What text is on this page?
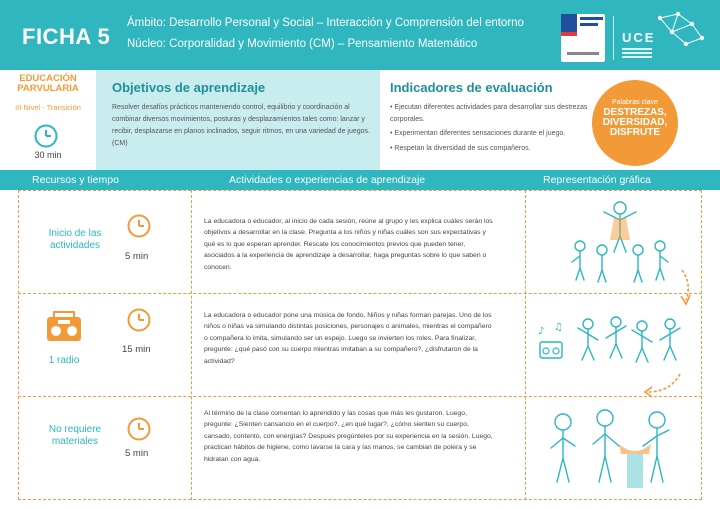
FICHA 5
Ámbito: Desarrollo Personal y Social – Interacción y Comprensión del entorno
Núcleo: Corporalidad y Movimiento (CM) – Pensamiento Matemático	UCE
EDUCACIÓN
PARVULARIA
III Nivel - Transición
30 min
Objetivos de aprendizaje
Resolver desafíos prácticos manteniendo control, equilibrio y coordinación al combinar diversos movimientos, posturas y desplazamientos tales como: lanzar y recibir, desplazarse en planos inclinados, seguir ritmos, en una variedad de juegos. (CM)
Indicadores de evaluación
• Ejecutan diferentes actividades para desarrollar sus destrezas corporales.
• Experimentan diferentes sensaciones durante el juego.
• Respetan la diversidad de sus compañeros.
Palabras clave
DESTREZAS,
DIVERSIDAD,
DISFRUTE
Recursos y tiempo	Actividades o experiencias de aprendizaje	Representación gráfica
Inicio de las actividades
5 min
La educadora o educador, al inicio de cada sesión, reúne al grupo y les explica cuáles serán los objetivos a desarrollar en la clase. Pregunta a los niños y niñas cuáles son sus expectativas y qué es lo que esperan aprender. Rescate los conocimientos previos que pueden tener, asociados a la experiencia de aprendizaje a desarrollar, haga preguntas sobre lo que saben o conocen.
1 radio
15 min
La educadora o educador pone una música de fondo. Niños y niñas forman parejas. Uno de los niños o niñas va simulando distintas posiciones, personajes o animales, mientras el compañero o compañera lo imita, simulando ser un espejo. Luego se invierten los roles. Para finalizar, pregunte: ¿qué pasó con su cuerpo mientras imitaban a su compañero?, ¿disfrutaron de la actividad?
♪ ♫
No requiere materiales
5 min
Al término de la clase comentan lo aprendido y las cosas que más les gustaron. Luego, pregunte: ¿Sienten cansancio en el cuerpo?, ¿en qué lugar?, ¿cómo sienten su cuerpo, cansado, contento, con energías? Después pregúnteles por su experiencia en la sesión. Luego, practican hábitos de higiene, como lavarse la cara y las manos, se cambian de polera y se hidratan con agua.
